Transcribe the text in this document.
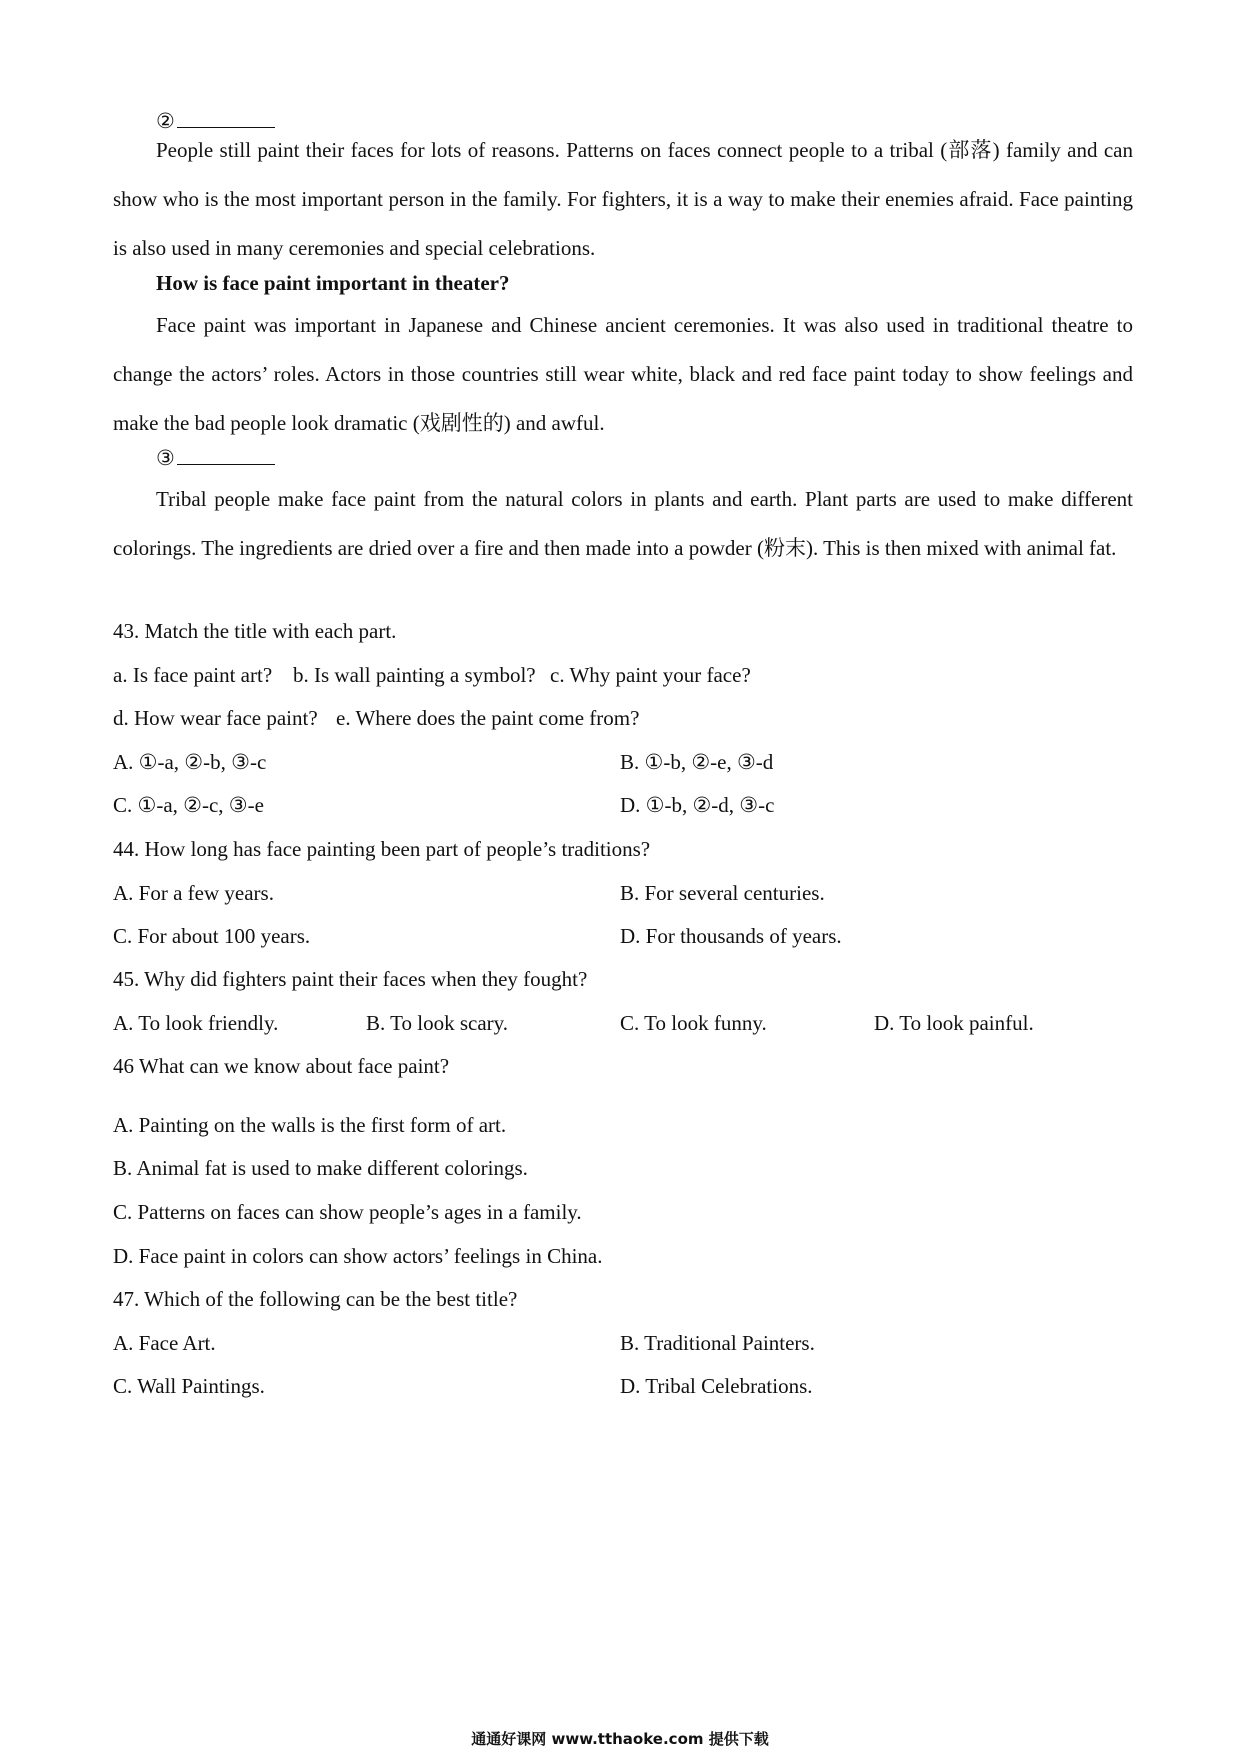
②
People still paint their faces for lots of reasons. Patterns on faces connect people to a tribal (部落) family and can show who is the most important person in the family. For fighters, it is a way to make their enemies afraid. Face painting is also used in many ceremonies and special celebrations.
How is face paint important in theater?
Face paint was important in Japanese and Chinese ancient ceremonies. It was also used in traditional theatre to change the actors’ roles. Actors in those countries still wear white, black and red face paint today to show feelings and make the bad people look dramatic (戏剧性的) and awful.
③
Tribal people make face paint from the natural colors in plants and earth. Plant parts are used to make different colorings. The ingredients are dried over a fire and then made into a powder (粉末). This is then mixed with animal fat.
43. Match the title with each part.
a. Is face paint art? b. Is wall painting a symbol? c. Why paint your face?
d. How wear face paint? e. Where does the paint come from?
A. ①-a, ②-b, ③-c	B. ①-b, ②-e, ③-d
C. ①-a, ②-c, ③-e	D. ①-b, ②-d, ③-c
44. How long has face painting been part of people’s traditions?
A. For a few years.	B. For several centuries.
C. For about 100 years.	D. For thousands of years.
45. Why did fighters paint their faces when they fought?
A. To look friendly.	B. To look scary.	C. To look funny.	D. To look painful.
46 What can we know about face paint?
A. Painting on the walls is the first form of art.
B. Animal fat is used to make different colorings.
C. Patterns on faces can show people’s ages in a family.
D. Face paint in colors can show actors’ feelings in China.
47. Which of the following can be the best title?
A. Face Art.	B. Traditional Painters.
C. Wall Paintings.	D. Tribal Celebrations.
通通好课网 www.tthaoke.com 提供下载
